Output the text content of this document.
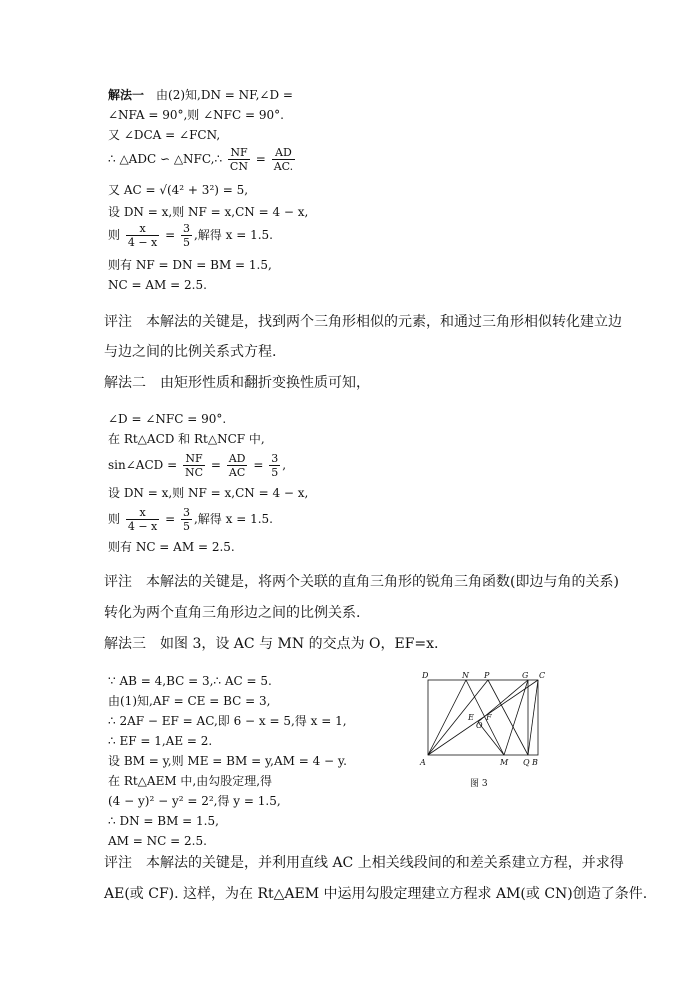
解法一　 由(2)知,DN = NF,∠D =
∠NFA = 90°,则 ∠NFC = 90°.
又 ∠DCA = ∠FCN,
∴ △ADC ∽ △NFC,∴ $\frac{NF}{CN} = \frac{AD}{AC.}$
又 AC = √(4² + 3²) = 5,
设 DN = x,则 NF = x,CN = 4 − x,
则 $\frac{x}{4 - x} = \frac{3}{5}$ ,解得 x = 1.5.
则有 NF = DN = BM = 1.5,
NC = AM = 2.5.
评注　本解法的关键是，找到两个三角形相似的元素，和通过三角形相似转化建立边
与边之间的比例关系式方程.
解法二　由矩形性质和翻折变换性质可知，
∠D = ∠NFC = 90°.
在 Rt△ACD 和 Rt△NCF 中,
sin∠ACD = $\frac{NF}{NC} = \frac{AD}{AC} = \frac{3}{5}$ ,
设 DN = x,则 NF = x,CN = 4 − x,
则 $\frac{x}{4 - x} = \frac{3}{5}$ ,解得 x = 1.5.
则有 NC = AM = 2.5.
评注　本解法的关键是，将两个关联的直角三角形的锐角三角函数(即边与角的关系)
转化为两个直角三角形边之间的比例关系.
解法三　如图 3，设 AC 与 MN 的交点为 O，EF=x.
∵ AB = 4,BC = 3,∴ AC = 5.
由(1)知,AF = CE = BC = 3,
∴ 2AF − EF = AC,即 6 − x = 5,得 x = 1,
∴ EF = 1,AE = 2.
设 BM = y,则 ME = BM = y,AM = 4 − y.
在 Rt△AEM 中,由勾股定理,得
(4 − y)² − y² = 2²,得 y = 1.5,
∴ DN = BM = 1.5,
AM = NC = 2.5.
D	N P	G C
A	M Q B
E
O
F
图 3
评注　本解法的关键是，并利用直线 AC 上相关线段间的和差关系建立方程，并求得
AE(或 CF). 这样，为在 Rt△AEM 中运用勾股定理建立方程求 AM(或 CN)创造了条件.
